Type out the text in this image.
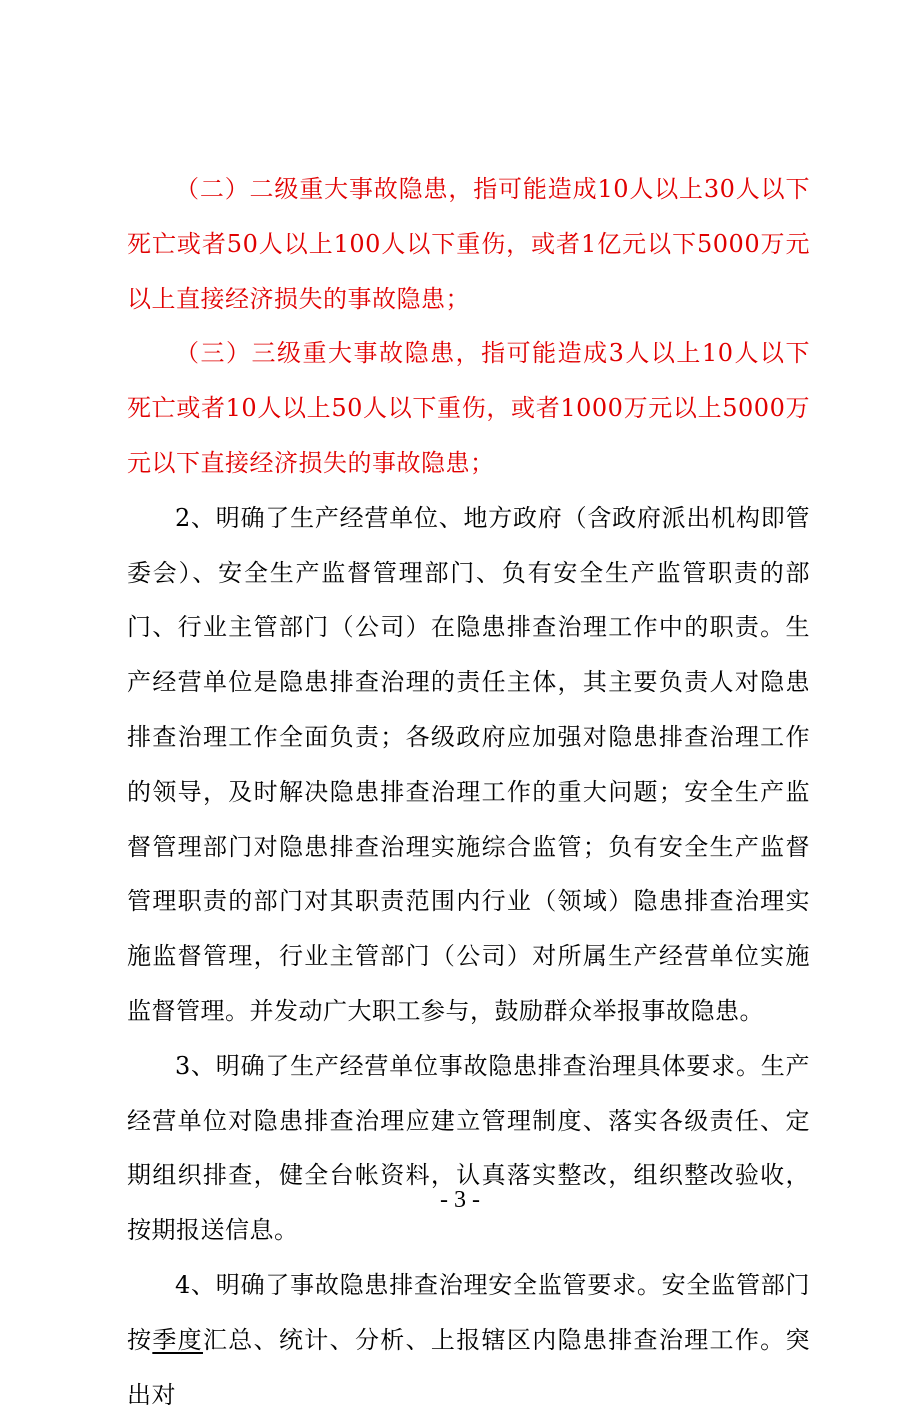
（二）二级重大事故隐患，指可能造成10人以上30人以下死亡或者50人以上100人以下重伤，或者1亿元以下5000万元以上直接经济损失的事故隐患；

（三）三级重大事故隐患，指可能造成3人以上10人以下死亡或者10人以上50人以下重伤，或者1000万元以上5000万元以下直接经济损失的事故隐患；

2、明确了生产经营单位、地方政府（含政府派出机构即管委会）、安全生产监督管理部门、负有安全生产监管职责的部门、行业主管部门（公司）在隐患排查治理工作中的职责。生产经营单位是隐患排查治理的责任主体，其主要负责人对隐患排查治理工作全面负责；各级政府应加强对隐患排查治理工作的领导，及时解决隐患排查治理工作的重大问题；安全生产监督管理部门对隐患排查治理实施综合监管；负有安全生产监督管理职责的部门对其职责范围内行业（领域）隐患排查治理实施监督管理，行业主管部门（公司）对所属生产经营单位实施监督管理。并发动广大职工参与，鼓励群众举报事故隐患。

3、明确了生产经营单位事故隐患排查治理具体要求。生产经营单位对隐患排查治理应建立管理制度、落实各级责任、定期组织排查，健全台帐资料，认真落实整改，组织整改验收，按期报送信息。

4、明确了事故隐患排查治理安全监管要求。安全监管部门按季度汇总、统计、分析、上报辖区内隐患排查治理工作。突出对

- 3 -
